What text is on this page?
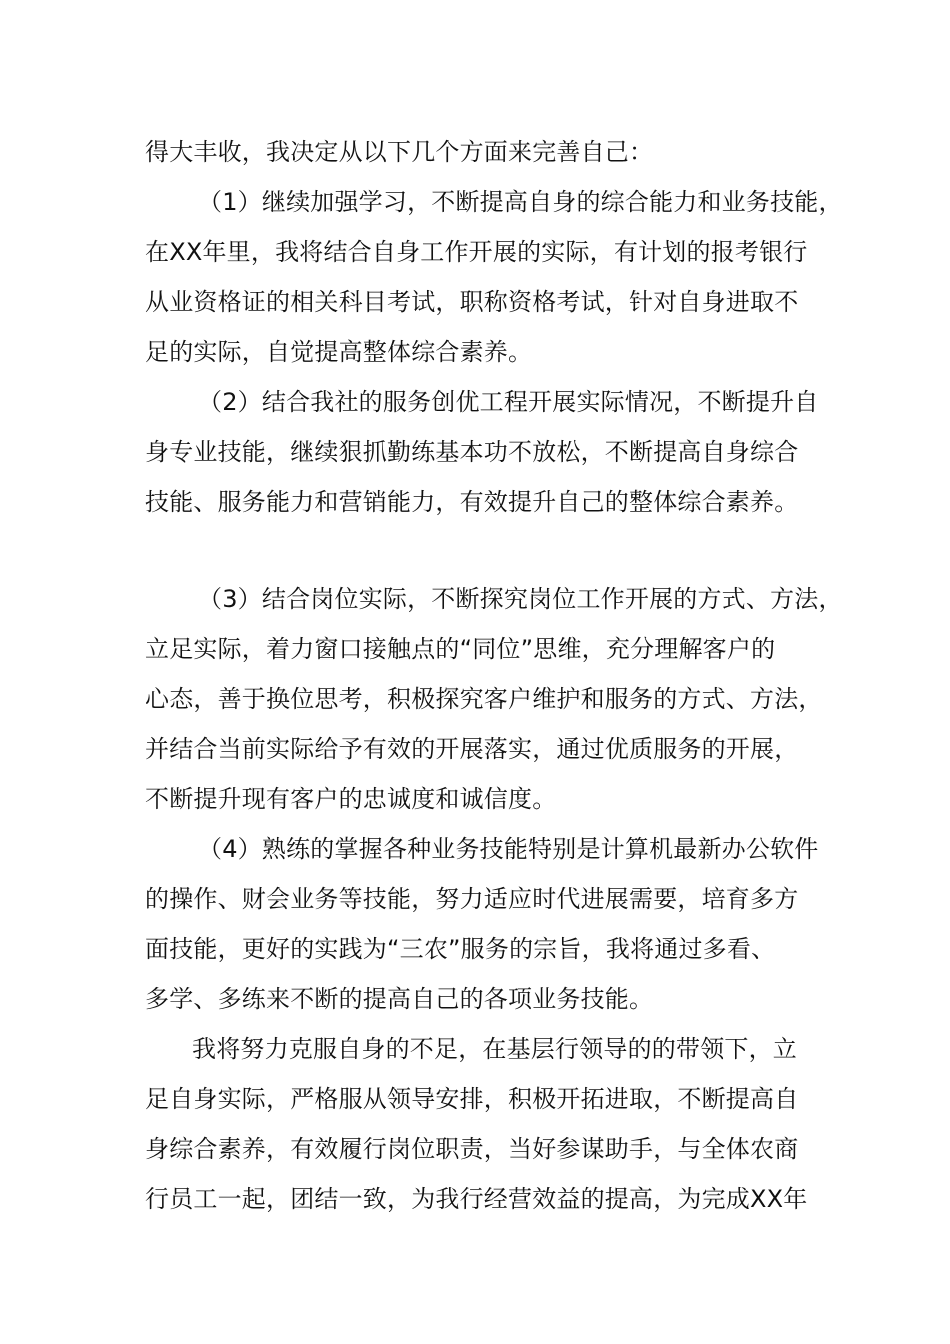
得大丰收，我决定从以下几个方面来完善自己：
（1）继续加强学习，不断提高自身的综合能力和业务技能，
在XX年里，我将结合自身工作开展的实际，有计划的报考银行
从业资格证的相关科目考试，职称资格考试，针对自身进取不
足的实际，自觉提高整体综合素养。
（2）结合我社的服务创优工程开展实际情况，不断提升自
身专业技能，继续狠抓勤练基本功不放松，不断提高自身综合
技能、服务能力和营销能力，有效提升自己的整体综合素养。
（3）结合岗位实际，不断探究岗位工作开展的方式、方法，
立足实际，着力窗口接触点的“同位”思维，充分理解客户的
心态，善于换位思考，积极探究客户维护和服务的方式、方法，
并结合当前实际给予有效的开展落实，通过优质服务的开展，
不断提升现有客户的忠诚度和诚信度。
（4）熟练的掌握各种业务技能特别是计算机最新办公软件
的操作、财会业务等技能，努力适应时代进展需要，培育多方
面技能，更好的实践为“三农”服务的宗旨，我将通过多看、
多学、多练来不断的提高自己的各项业务技能。
我将努力克服自身的不足，在基层行领导的的带领下，立
足自身实际，严格服从领导安排，积极开拓进取，不断提高自
身综合素养，有效履行岗位职责，当好参谋助手，与全体农商
行员工一起，团结一致，为我行经营效益的提高，为完成XX年
